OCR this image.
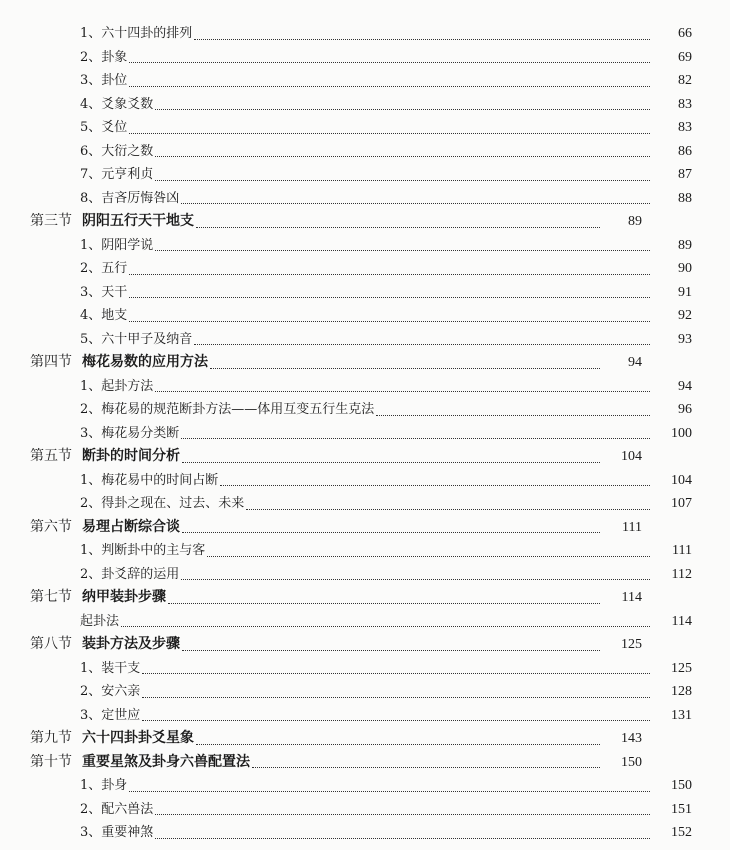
1、 六十四卦的排列	66
2、 卦象	69
3、 卦位	82
4、 爻象爻数	83
5、 爻位	83
6、 大衍之数	86
7、 元亨利贞	87
8、 吉吝厉悔咎凶	88
第三节 阴阳五行天干地支	89
1、 阴阳学说	89
2、 五行	90
3、 天干	91
4、 地支	92
5、 六十甲子及纳音	93
第四节 梅花易数的应用方法	94
1、 起卦方法	94
2、 梅花易的规范断卦方法——体用互变五行生克法	96
3、 梅花易分类断	100
第五节 断卦的时间分析	104
1、 梅花易中的时间占断	104
2、 得卦之现在、过去、未来	107
第六节 易理占断综合谈	111
1、 判断卦中的主与客	111
2、 卦爻辞的运用	112
第七节 纳甲装卦步骤	114
起卦法	114
第八节 装卦方法及步骤	125
1、 装干支	125
2、 安六亲	128
3、 定世应	131
第九节 六十四卦卦爻星象	143
第十节 重要星煞及卦身六兽配置法	150
1、 卦身	150
2、 配六兽法	151
3、 重要神煞	152
